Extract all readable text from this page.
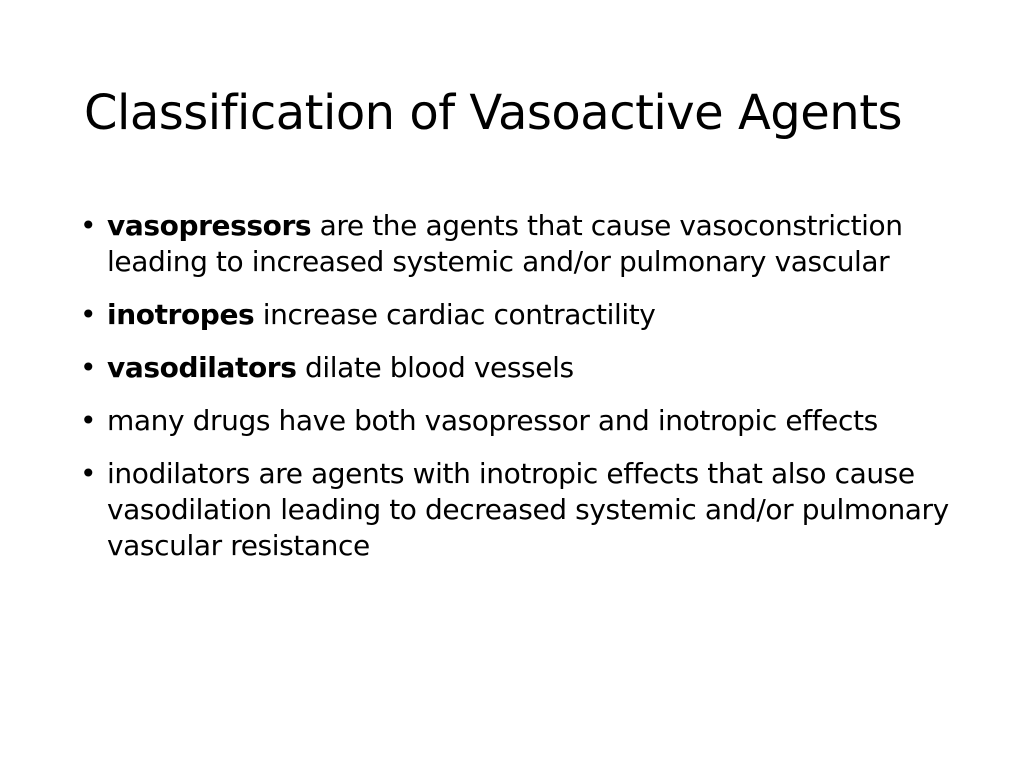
Classification of Vasoactive Agents
• vasopressors are the agents that cause vasoconstriction leading to increased systemic and/or pulmonary vascular
• inotropes increase cardiac contractility
• vasodilators dilate blood vessels
• many drugs have both vasopressor and inotropic effects
• inodilators are agents with inotropic effects that also cause vasodilation leading to decreased systemic and/or pulmonary vascular resistance
